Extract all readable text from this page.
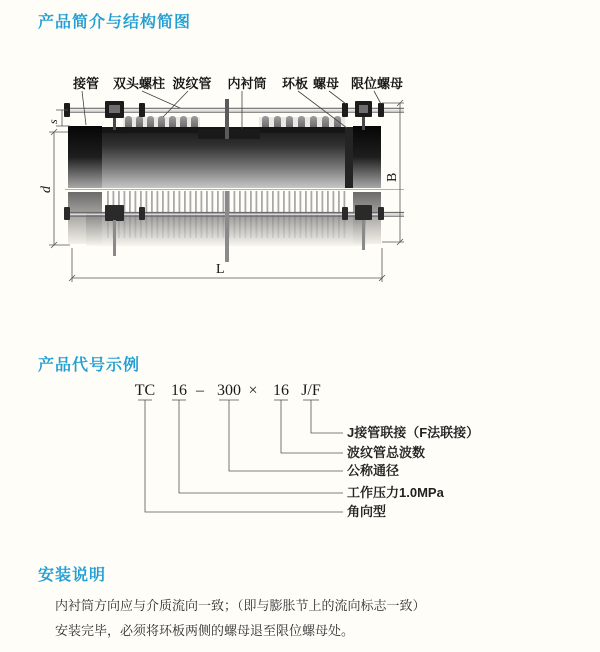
产品简介与结构简图
s
d
B
L
接管 双头螺柱 波纹管 内衬筒 环板 螺母 限位螺母
产品代号示例
TC 16 – 300 × 16 J/F
J接管联接（F法联接）
波纹管总波数
公称通径
工作压力1.0MPa
角向型
安装说明
内衬筒方向应与介质流向一致；（即与膨胀节上的流向标志一致）
安装完毕，必须将环板两侧的螺母退至限位螺母处。
